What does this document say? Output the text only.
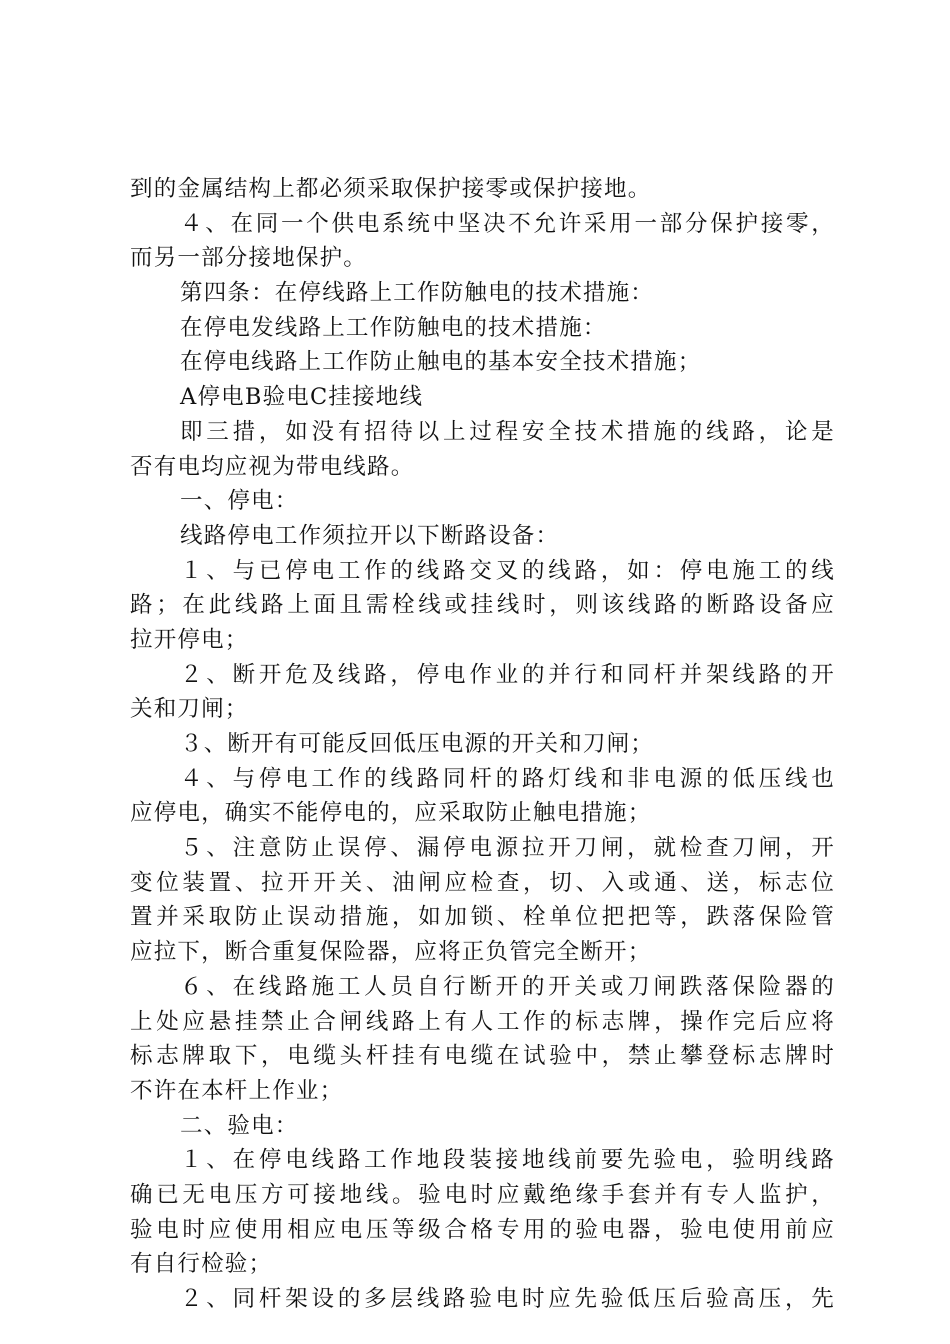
到的金属结构上都必须采取保护接零或保护接地。
４、在同一个供电系统中坚决不允许采用一部分保护接零，
而另一部分接地保护。
第四条：在停线路上工作防触电的技术措施：
在停电发线路上工作防触电的技术措施：
在停电线路上工作防止触电的基本安全技术措施；
A停电B验电C挂接地线
即三措，如没有招待以上过程安全技术措施的线路，论是
否有电均应视为带电线路。
一、停电：
线路停电工作须拉开以下断路设备：
１、与已停电工作的线路交叉的线路，如：停电施工的线
路；在此线路上面且需栓线或挂线时，则该线路的断路设备应
拉开停电；
２、断开危及线路，停电作业的并行和同杆并架线路的开
关和刀闸；
３、断开有可能反回低压电源的开关和刀闸；
４、与停电工作的线路同杆的路灯线和非电源的低压线也
应停电，确实不能停电的，应采取防止触电措施；
５、注意防止误停、漏停电源拉开刀闸，就检查刀闸，开
变位装置、拉开开关、油闸应检查，切、入或通、送，标志位
置并采取防止误动措施，如加锁、栓单位把把等，跌落保险管
应拉下，断合重复保险器，应将正负管完全断开；
６、在线路施工人员自行断开的开关或刀闸跌落保险器的
上处应悬挂禁止合闸线路上有人工作的标志牌，操作完后应将
标志牌取下，电缆头杆挂有电缆在试验中，禁止攀登标志牌时
不许在本杆上作业；
二、验电：
１、在停电线路工作地段装接地线前要先验电，验明线路
确已无电压方可接地线。验电时应戴绝缘手套并有专人监护，
验电时应使用相应电压等级合格专用的验电器，验电使用前应
有自行检验；
２、同杆架设的多层线路验电时应先验低压后验高压，先
